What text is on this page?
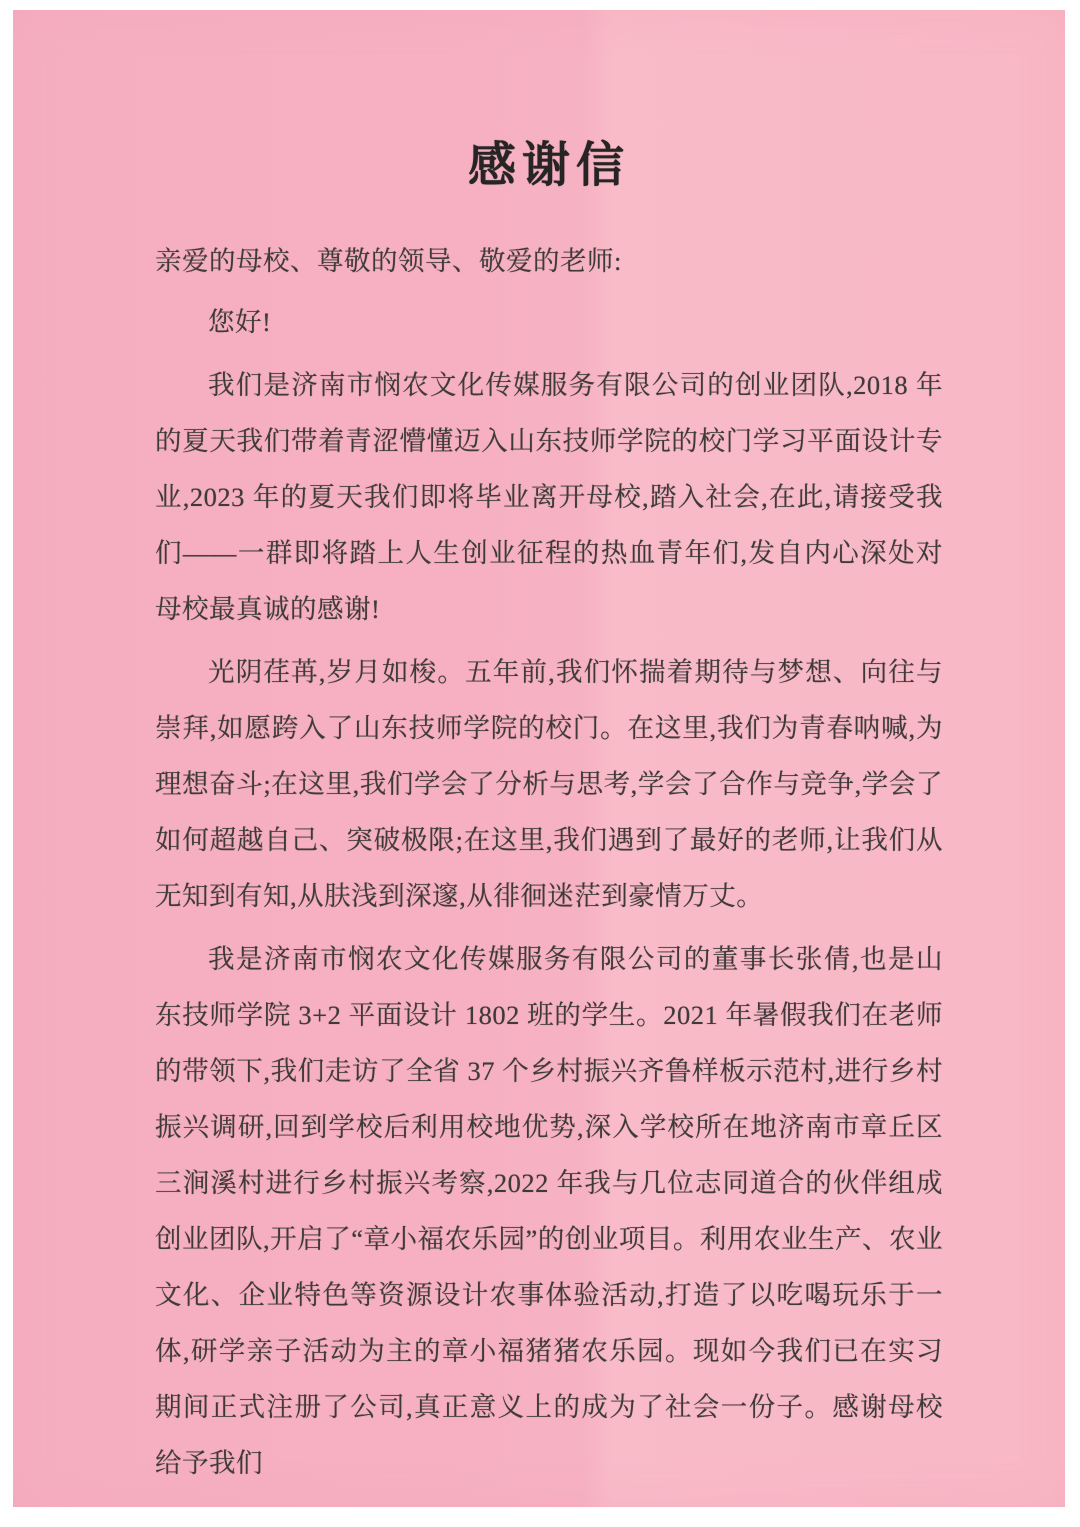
感谢信

亲爱的母校、尊敬的领导、敬爱的老师:

您好!

我们是济南市悯农文化传媒服务有限公司的创业团队,2018 年的夏天我们带着青涩懵懂迈入山东技师学院的校门学习平面设计专业,2023 年的夏天我们即将毕业离开母校,踏入社会,在此,请接受我们——一群即将踏上人生创业征程的热血青年们,发自内心深处对母校最真诚的感谢!

光阴荏苒,岁月如梭。五年前,我们怀揣着期待与梦想、向往与崇拜,如愿跨入了山东技师学院的校门。在这里,我们为青春呐喊,为理想奋斗;在这里,我们学会了分析与思考,学会了合作与竞争,学会了如何超越自己、突破极限;在这里,我们遇到了最好的老师,让我们从无知到有知,从肤浅到深邃,从徘徊迷茫到豪情万丈。

我是济南市悯农文化传媒服务有限公司的董事长张倩,也是山东技师学院 3+2 平面设计 1802 班的学生。2021 年暑假我们在老师的带领下,我们走访了全省 37 个乡村振兴齐鲁样板示范村,进行乡村振兴调研,回到学校后利用校地优势,深入学校所在地济南市章丘区三涧溪村进行乡村振兴考察,2022 年我与几位志同道合的伙伴组成创业团队,开启了“章小福农乐园”的创业项目。利用农业生产、农业文化、企业特色等资源设计农事体验活动,打造了以吃喝玩乐于一体,研学亲子活动为主的章小福猪猪农乐园。现如今我们已在实习期间正式注册了公司,真正意义上的成为了社会一份子。感谢母校给予我们
